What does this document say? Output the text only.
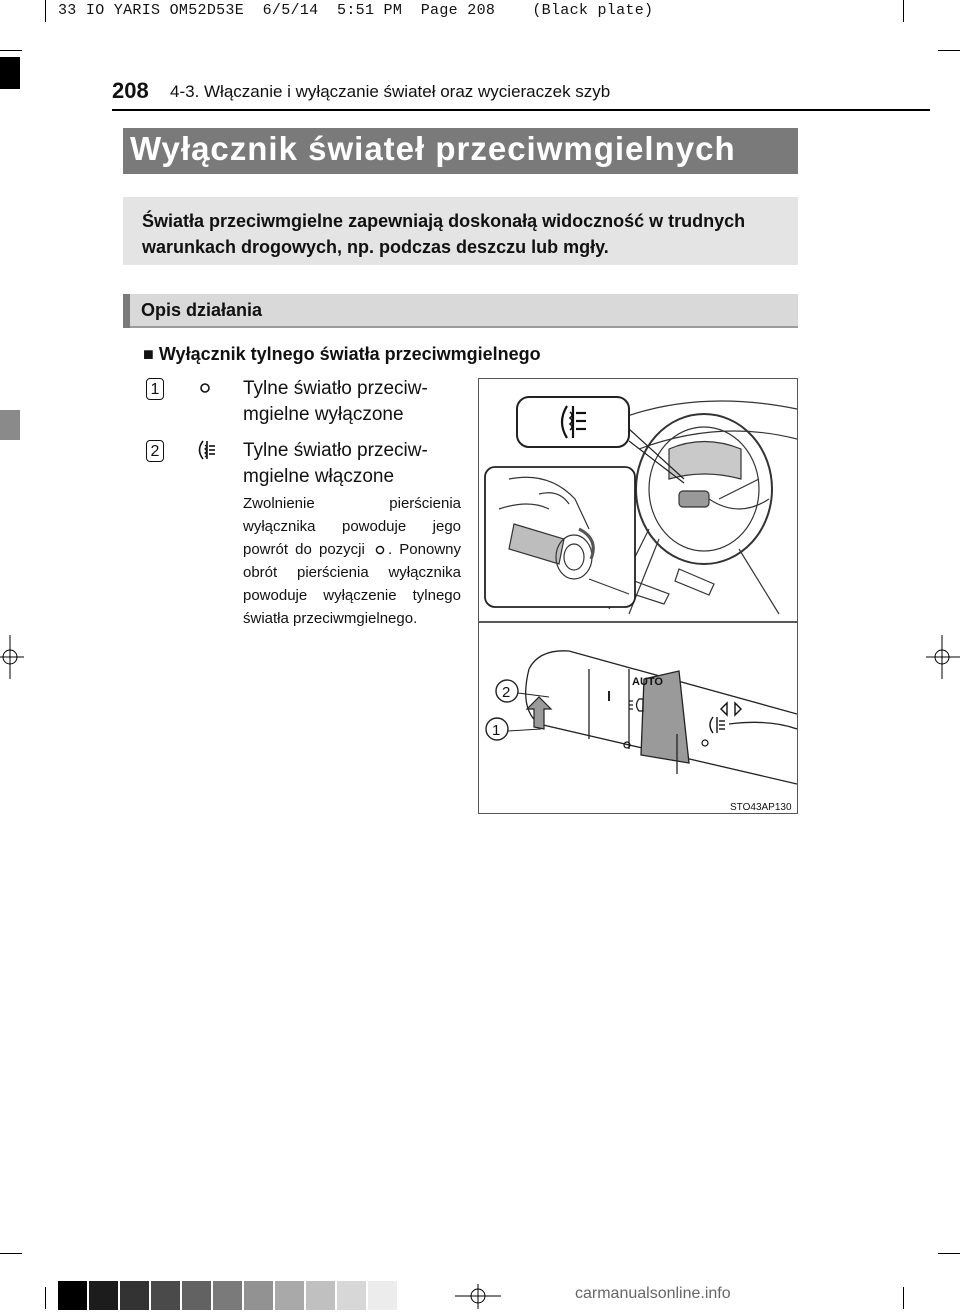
33 IO YARIS OM52D53E  6/5/14  5:51 PM  Page 208    (Black plate)
208 4-3. Włączanie i wyłączanie świateł oraz wycieraczek szyb
Wyłącznik świateł przeciwmgielnych
Światła przeciwmgielne zapewniają doskonałą widoczność w trudnych warunkach drogowych, np. podczas deszczu lub mgły.
Opis działania
■ Wyłącznik tylnego światła przeciwmgielnego
1	Tylne światło przeciw-
mgielne wyłączone
2	Tylne światło przeciw-
mgielne włączone
Zwolnienie pierścienia wyłącznika powoduje jego powrót do pozycji . Ponowny obrót pierścienia wyłącznika powoduje wyłączenie tylnego światła przeciwmgielnego.
AUTO
2
1
STO43AP130
carmanualsonline.info
